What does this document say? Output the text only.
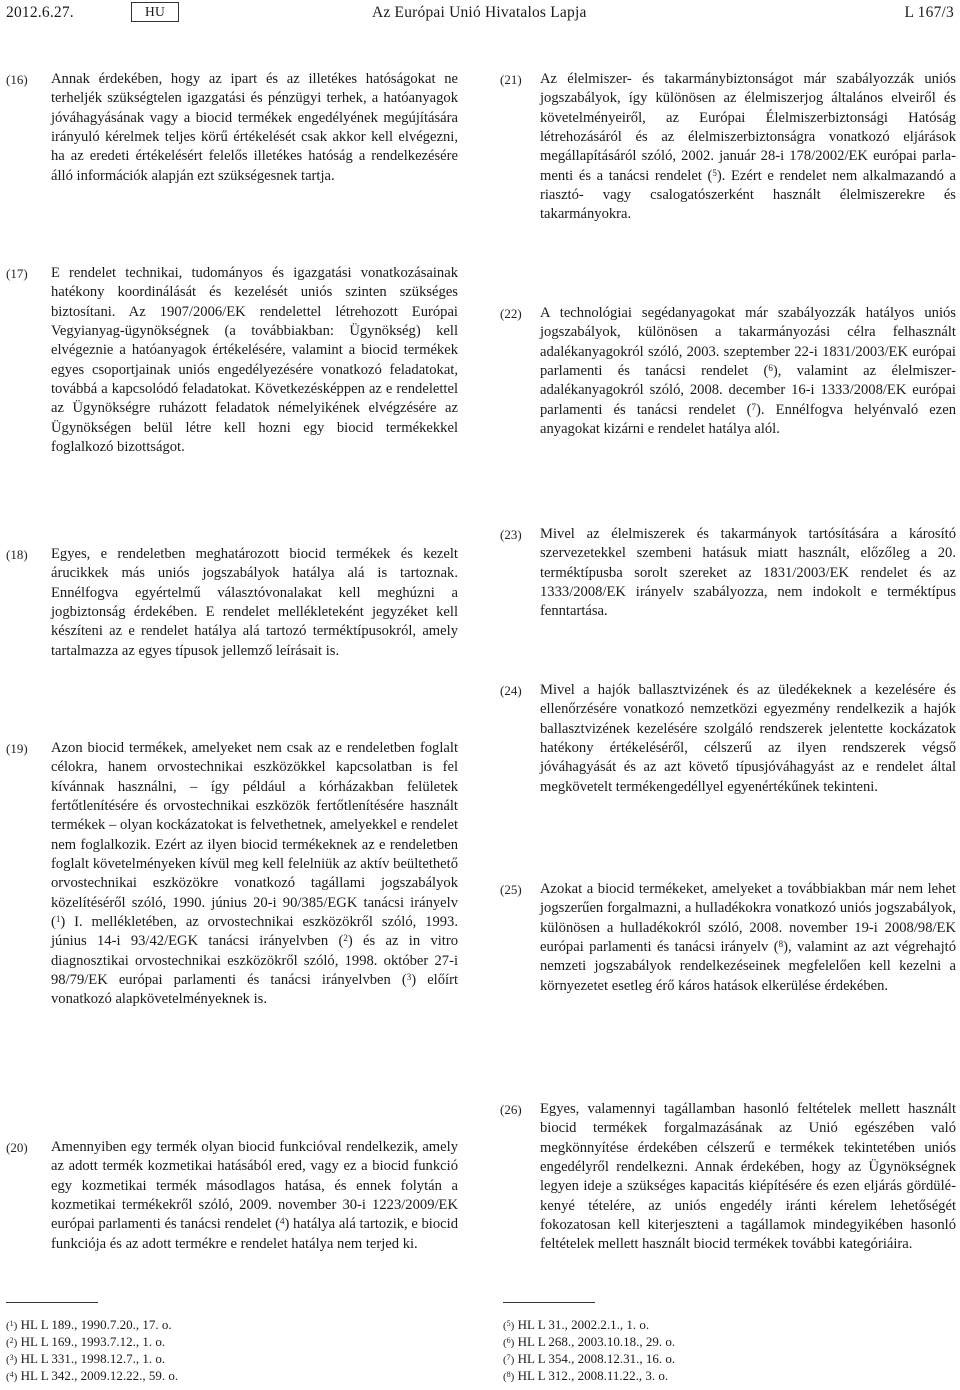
2012.6.27.	HU	Az Európai Unió Hivatalos Lapja	L 167/3
(16) Annak érdekében, hogy az ipart és az illetékes hatóságokat ne terheljék szükségtelen igazgatási és pénzügyi terhek, a hatóanyagok jóváhagyásának vagy a biocid termékek engedélyének megújítására irányuló kérelmek teljes körű értékelését csak akkor kell elvégezni, ha az eredeti értékelésért felelős illetékes hatóság a rendelkezésére álló információk alapján ezt szükségesnek tartja.
(17) E rendelet technikai, tudományos és igazgatási vonatkozásainak hatékony koordinálását és kezelését uniós szinten szükséges biztosítani. Az 1907/2006/EK rendelettel létrehozott Európai Vegyianyag-ügynökségnek (a továbbiakban: Ügynökség) kell elvégeznie a hatóanyagok értékelésére, valamint a biocid termékek egyes csoportjainak uniós engedélyezésére vonatkozó feladatokat, továbbá a kapcsolódó feladatokat. Következésképpen az e rendelettel az Ügynökségre ruházott feladatok némelyikének elvégzésére az Ügynökségen belül létre kell hozni egy biocid termékekkel foglalkozó bizottságot.
(18) Egyes, e rendeletben meghatározott biocid termékek és kezelt árucikkek más uniós jogszabályok hatálya alá is tartoznak. Ennélfogva egyértelmű választóvonalakat kell meghúzni a jogbiztonság érdekében. E rendelet mellékleteként jegyzéket kell készíteni az e rendelet hatálya alá tartozó terméktípusokról, amely tartalmazza az egyes típusok jellemző leírásait is.
(19) Azon biocid termékek, amelyeket nem csak az e rendeletben foglalt célokra, hanem orvostechnikai eszközökkel kapcsolatban is fel kívánnak használni, – így például a kórházakban felületek fertőtlenítésére és orvostechnikai eszközök fertőtlenítésére használt termékek – olyan kockázatokat is felvethetnek, amelyekkel e rendelet nem foglalkozik. Ezért az ilyen biocid termékeknek az e rendeletben foglalt követelményeken kívül meg kell felelniük az aktív beültethető orvostechnikai eszközökre vonatkozó tagállami jogszabályok közelítéséről szóló, 1990. június 20-i 90/385/EGK tanácsi irányelv ($^1$) I. mellékletében, az orvostechnikai eszközökről szóló, 1993. június 14-i 93/42/EGK tanácsi irányelvben ($^2$) és az in vitro diagnosztikai orvostechnikai eszközökről szóló, 1998. október 27-i 98/79/EK európai parlamenti és tanácsi irányelvben ($^3$) előírt vonatkozó alapkövetelményeknek is.
(20) Amennyiben egy termék olyan biocid funkcióval rendelkezik, amely az adott termék kozmetikai hatásából ered, vagy ez a biocid funkció egy kozmetikai termék másodlagos hatása, és ennek folytán a kozmetikai termékekről szóló, 2009. november 30-i 1223/2009/EK európai parlamenti és tanácsi rendelet ($^4$) hatálya alá tartozik, e biocid funkciója és az adott termékre e rendelet hatálya nem terjed ki.
(21) Az élelmiszer- és takarmánybiztonságot már szabályozzák uniós jogszabályok, így különösen az élelmiszerjog általános elveiről és követelményeiről, az Európai Élelmiszerbiztonsági Hatóság létrehozásáról és az élelmiszerbiztonságra vonatkozó eljárások megállapításáról szóló, 2002. január 28-i 178/2002/EK európai parlamenti és a tanácsi rendelet ($^5$). Ezért e rendelet nem alkalmazandó a riasztó- vagy csalogatószerként használt élelmiszerekre és takarmányokra.
(22) A technológiai segédanyagokat már szabályozzák hatályos uniós jogszabályok, különösen a takarmányozási célra felhasznált adalékanyagokról szóló, 2003. szeptember 22-i 1831/2003/EK európai parlamenti és tanácsi rendelet ($^6$), valamint az élelmiszer-adalékanyagokról szóló, 2008. december 16-i 1333/2008/EK európai parlamenti és tanácsi rendelet ($^7$). Ennélfogva helyénvaló ezen anyagokat kizárni e rendelet hatálya alól.
(23) Mivel az élelmiszerek és takarmányok tartósítására a károsító szervezetekkel szembeni hatásuk miatt használt, előzőleg a 20. terméktípusba sorolt szereket az 1831/2003/EK rendelet és az 1333/2008/EK irányelv szabályozza, nem indokolt e terméktípus fenntartása.
(24) Mivel a hajók ballasztvizének és az üledékeknek a kezelésére és ellenőrzésére vonatkozó nemzetközi egyezmény rendelkezik a hajók ballasztvizének kezelésére szolgáló rendszerek jelentette kockázatok hatékony értékeléséről, célszerű az ilyen rendszerek végső jóváhagyását és az azt követő típusjóváhagyást az e rendelet által megkövetelt termékengedéllyel egyenértékűnek tekinteni.
(25) Azokat a biocid termékeket, amelyeket a továbbiakban már nem lehet jogszerűen forgalmazni, a hulladékokra vonatkozó uniós jogszabályok, különösen a hulladékokról szóló, 2008. november 19-i 2008/98/EK európai parlamenti és tanácsi irányelv ($^8$), valamint az azt végrehajtó nemzeti jogszabályok rendelkezéseinek megfelelően kell kezelni a környezetet esetleg érő káros hatások elkerülése érdekében.
(26) Egyes, valamennyi tagállamban hasonló feltételek mellett használt biocid termékek forgalmazásának az Unió egészében való megkönnyítése érdekében célszerű e termékek tekintetében uniós engedélyről rendelkezni. Annak érdekében, hogy az Ügynökségnek legyen ideje a szükséges kapacitás kiépítésére és ezen eljárás gördülékenyé tételére, az uniós engedély iránti kérelem lehetőségét fokozatosan kell kiterjeszteni a tagállamok mindegyikében hasonló feltételek mellett használt biocid termékek további kategóriáira.
($^1$) HL L 189., 1990.7.20., 17. o.
($^2$) HL L 169., 1993.7.12., 1. o.
($^3$) HL L 331., 1998.12.7., 1. o.
($^4$) HL L 342., 2009.12.22., 59. o.
($^5$) HL L 31., 2002.2.1., 1. o.
($^6$) HL L 268., 2003.10.18., 29. o.
($^7$) HL L 354., 2008.12.31., 16. o.
($^8$) HL L 312., 2008.11.22., 3. o.
